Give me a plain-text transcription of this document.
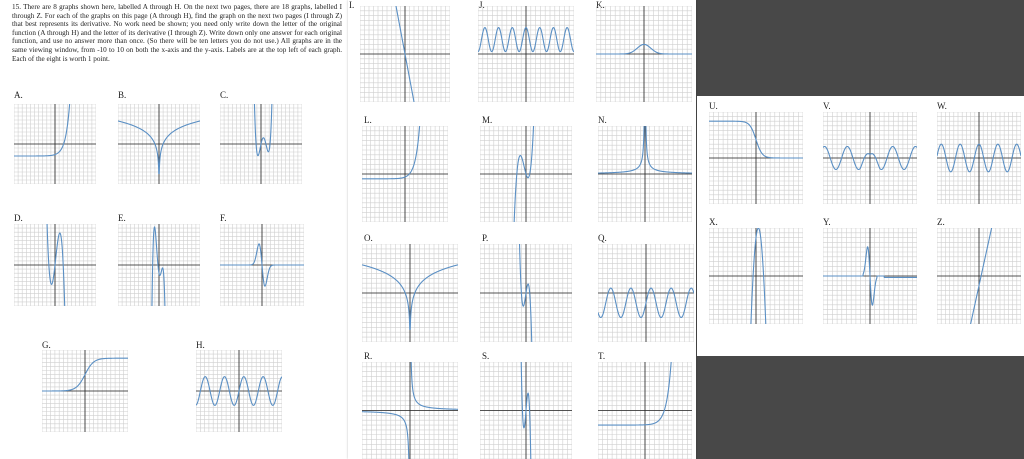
15. There are 8 graphs shown here, labelled A through H. On the next two pages, there are 18 graphs, labelled I through Z. For each of the graphs on this page (A through H), find the graph on the next two pages (I through Z) that best represents its derivative. No work need be shown; you need only write down the letter of the original function (A through H) and the letter of its derivative (I through Z). Write down only one answer for each original function, and use no answer more than once. (So there will be ten letters you do not use.) All graphs are in the same viewing window, from -10 to 10 on both the x-axis and the y-axis. Labels are at the top left of each graph. Each of the eight is worth 1 point.
A.	B.	C.
D.	E.	F.
G.	H.
I.	J.	K.
L.	M.	N.
O.	P.	Q.
R.	S.	T.
U.	V.	W.
X.	Y.	Z.
